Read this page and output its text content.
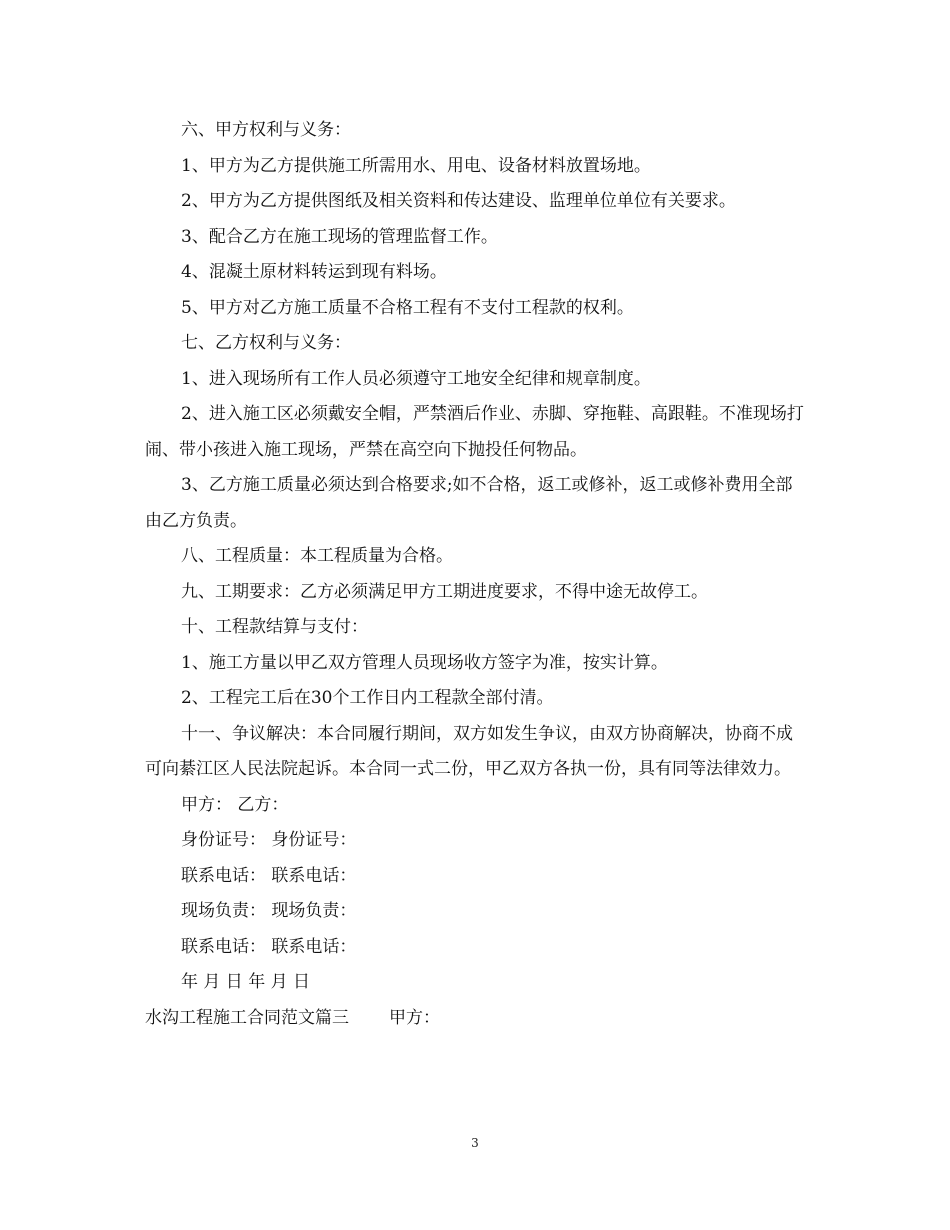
六、甲方权利与义务：

1、甲方为乙方提供施工所需用水、用电、设备材料放置场地。

2、甲方为乙方提供图纸及相关资料和传达建设、监理单位单位有关要求。

3、配合乙方在施工现场的管理监督工作。

4、混凝土原材料转运到现有料场。

5、甲方对乙方施工质量不合格工程有不支付工程款的权利。

七、乙方权利与义务：

1、进入现场所有工作人员必须遵守工地安全纪律和规章制度。

2、进入施工区必须戴安全帽，严禁酒后作业、赤脚、穿拖鞋、高跟鞋。不准现场打闹、带小孩进入施工现场，严禁在高空向下抛投任何物品。

3、乙方施工质量必须达到合格要求;如不合格，返工或修补，返工或修补费用全部由乙方负责。

八、工程质量：本工程质量为合格。

九、工期要求：乙方必须满足甲方工期进度要求，不得中途无故停工。

十、工程款结算与支付：

1、施工方量以甲乙双方管理人员现场收方签字为准，按实计算。

2、工程完工后在30个工作日内工程款全部付清。

十一、争议解决：本合同履行期间，双方如发生争议，由双方协商解决，协商不成可向綦江区人民法院起诉。本合同一式二份，甲乙双方各执一份，具有同等法律效力。

甲方： 乙方：

身份证号： 身份证号：

联系电话： 联系电话：

现场负责： 现场负责：

联系电话： 联系电话：

年 月 日 年 月 日

水沟工程施工合同范文篇三 甲方：
3
